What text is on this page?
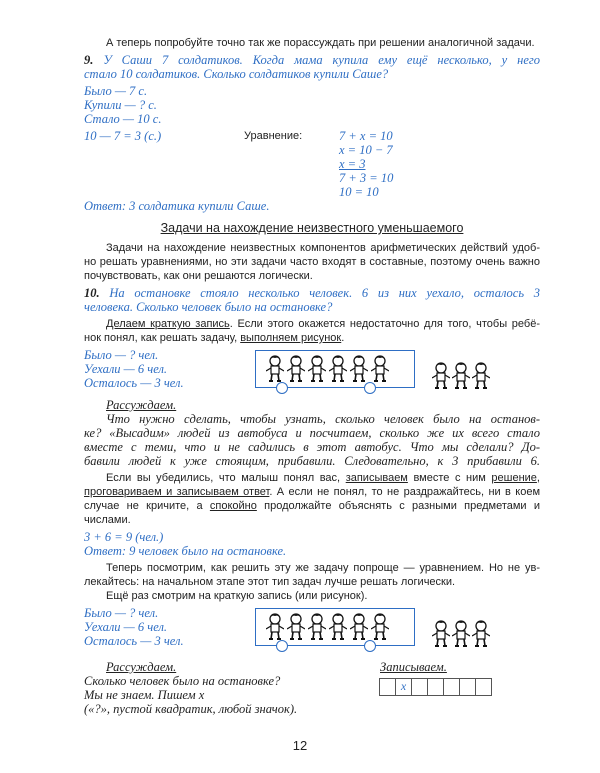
А теперь попробуйте точно так же порассуждать при решении аналогичной задачи.
9. У Саши 7 солдатиков. Когда мама купила ему ещё несколько, у него
стало 10 солдатиков. Сколько солдатиков купили Саше?
Было — 7 с.
Купили — ? с.
Стало — 10 с.
10 — 7 = 3 (с.)	Уравнение:	7 + x = 10
x = 10 − 7
x = 3
7 + 3 = 10
10 = 10
Ответ: 3 солдатика купили Саше.
Задачи на нахождение неизвестного уменьшаемого
Задачи на нахождение неизвестных компонентов арифметических действий удоб-
но решать уравнениями, но эти задачи часто входят в составные, поэтому очень важно
почувствовать, как они решаются логически.
10. На остановке стояло несколько человек. 6 из них уехало, осталось 3
человека. Сколько человек было на остановке?
Делаем краткую запись. Если этого окажется недостаточно для того, чтобы ребё-
нок понял, как решать задачу, выполняем рисунок.
Было — ? чел.
Уехали — 6 чел.
Осталось — 3 чел.
Рассуждаем.
Что нужно сделать, чтобы узнать, сколько человек было на останов-
ке? «Высадим» людей из автобуса и посчитаем, сколько же их всего стало
вместе с теми, что и не садились в этот автобус. Что мы сделали? До-
бавили людей к уже стоящим, прибавили. Следовательно, к 3 прибавили 6.
Если вы убедились, что малыш понял вас, записываем вместе с ним решение,
проговариваем и записываем ответ. А если не понял, то не раздражайтесь, ни в коем
случае не кричите, а спокойно продолжайте объяснять с разными предметами и
числами.
3 + 6 = 9 (чел.)
Ответ: 9 человек было на остановке.
Теперь посмотрим, как решить эту же задачу попроще — уравнением. Но не ув-
лекайтесь: на начальном этапе этот тип задач лучше решать логически.
Ещё раз смотрим на краткую запись (или рисунок).
Было — ? чел.
Уехали — 6 чел.
Осталось — 3 чел.
Рассуждаем.
Сколько человек было на остановке?
Мы не знаем. Пишем x
(«?», пустой квадратик, любой значок).
Записываем.
x
12
